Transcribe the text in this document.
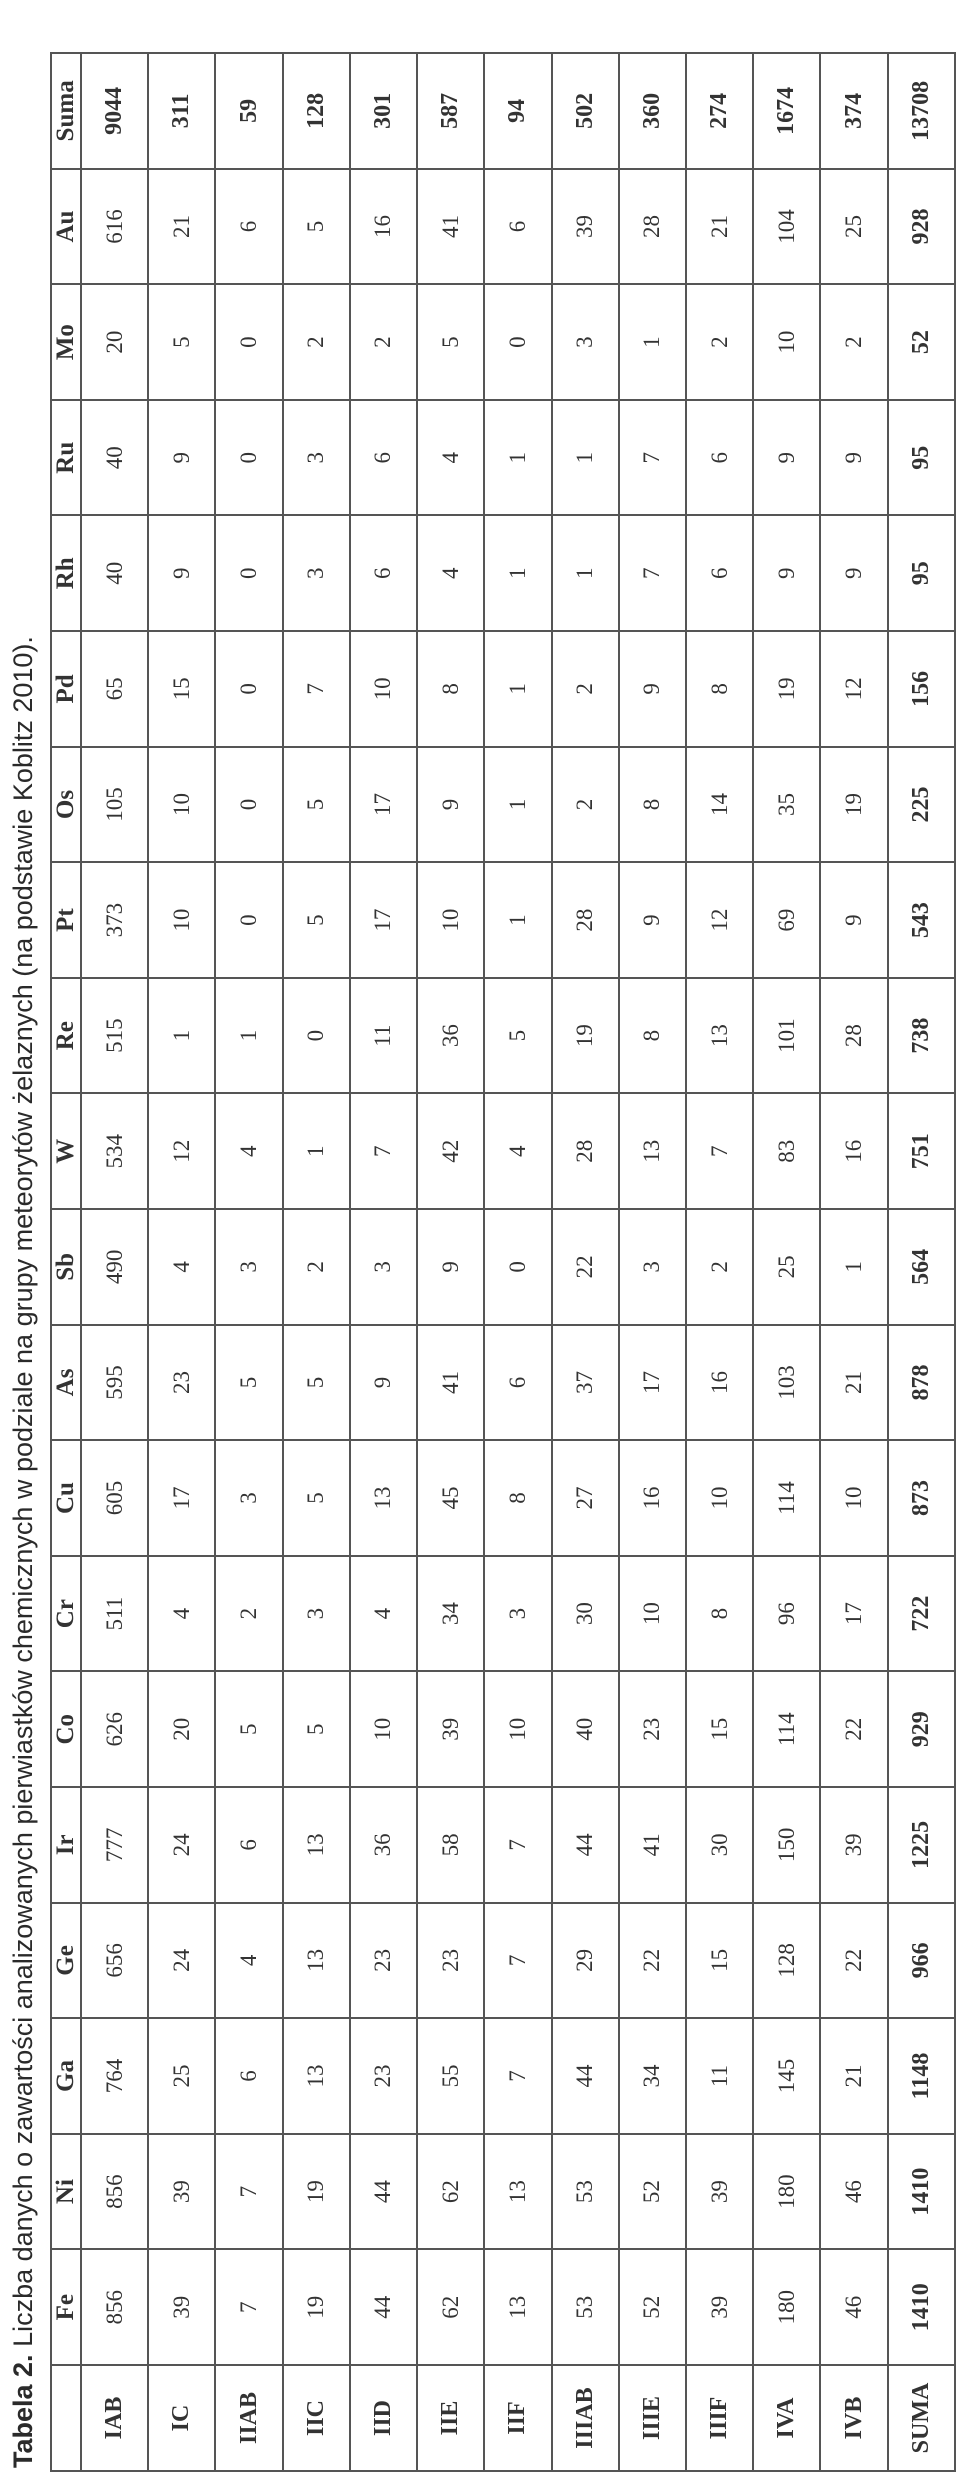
Tabela 2. Liczba danych o zawartości analizowanych pierwiastków chemicznych w podziale na grupy meteorytów żelaznych (na podstawie Koblitz 2010).
	Fe	Ni	Ga	Ge	Ir	Co	Cr	Cu	As	Sb	W	Re	Pt	Os	Pd	Rh	Ru	Mo	Au	Suma
IAB	856	856	764	656	777	626	511	605	595	490	534	515	373	105	65	40	40	20	616	9044
IC	39	39	25	24	24	20	4	17	23	4	12	1	10	10	15	9	9	5	21	311
IIAB	7	7	6	4	6	5	2	3	5	3	4	1	0	0	0	0	0	0	6	59
IIC	19	19	13	13	13	5	3	5	5	2	1	0	5	5	7	3	3	2	5	128
IID	44	44	23	23	36	10	4	13	9	3	7	11	17	17	10	6	6	2	16	301
IIE	62	62	55	23	58	39	34	45	41	9	42	36	10	9	8	4	4	5	41	587
IIF	13	13	7	7	7	10	3	8	6	0	4	5	1	1	1	1	1	0	6	94
IIIAB	53	53	44	29	44	40	30	27	37	22	28	19	28	2	2	1	1	3	39	502
IIIE	52	52	34	22	41	23	10	16	17	3	13	8	9	8	9	7	7	1	28	360
IIIF	39	39	11	15	30	15	8	10	16	2	7	13	12	14	8	6	6	2	21	274
IVA	180	180	145	128	150	114	96	114	103	25	83	101	69	35	19	9	9	10	104	1674
IVB	46	46	21	22	39	22	17	10	21	1	16	28	9	19	12	9	9	2	25	374
SUMA	1410	1410	1148	966	1225	929	722	873	878	564	751	738	543	225	156	95	95	52	928	13708
